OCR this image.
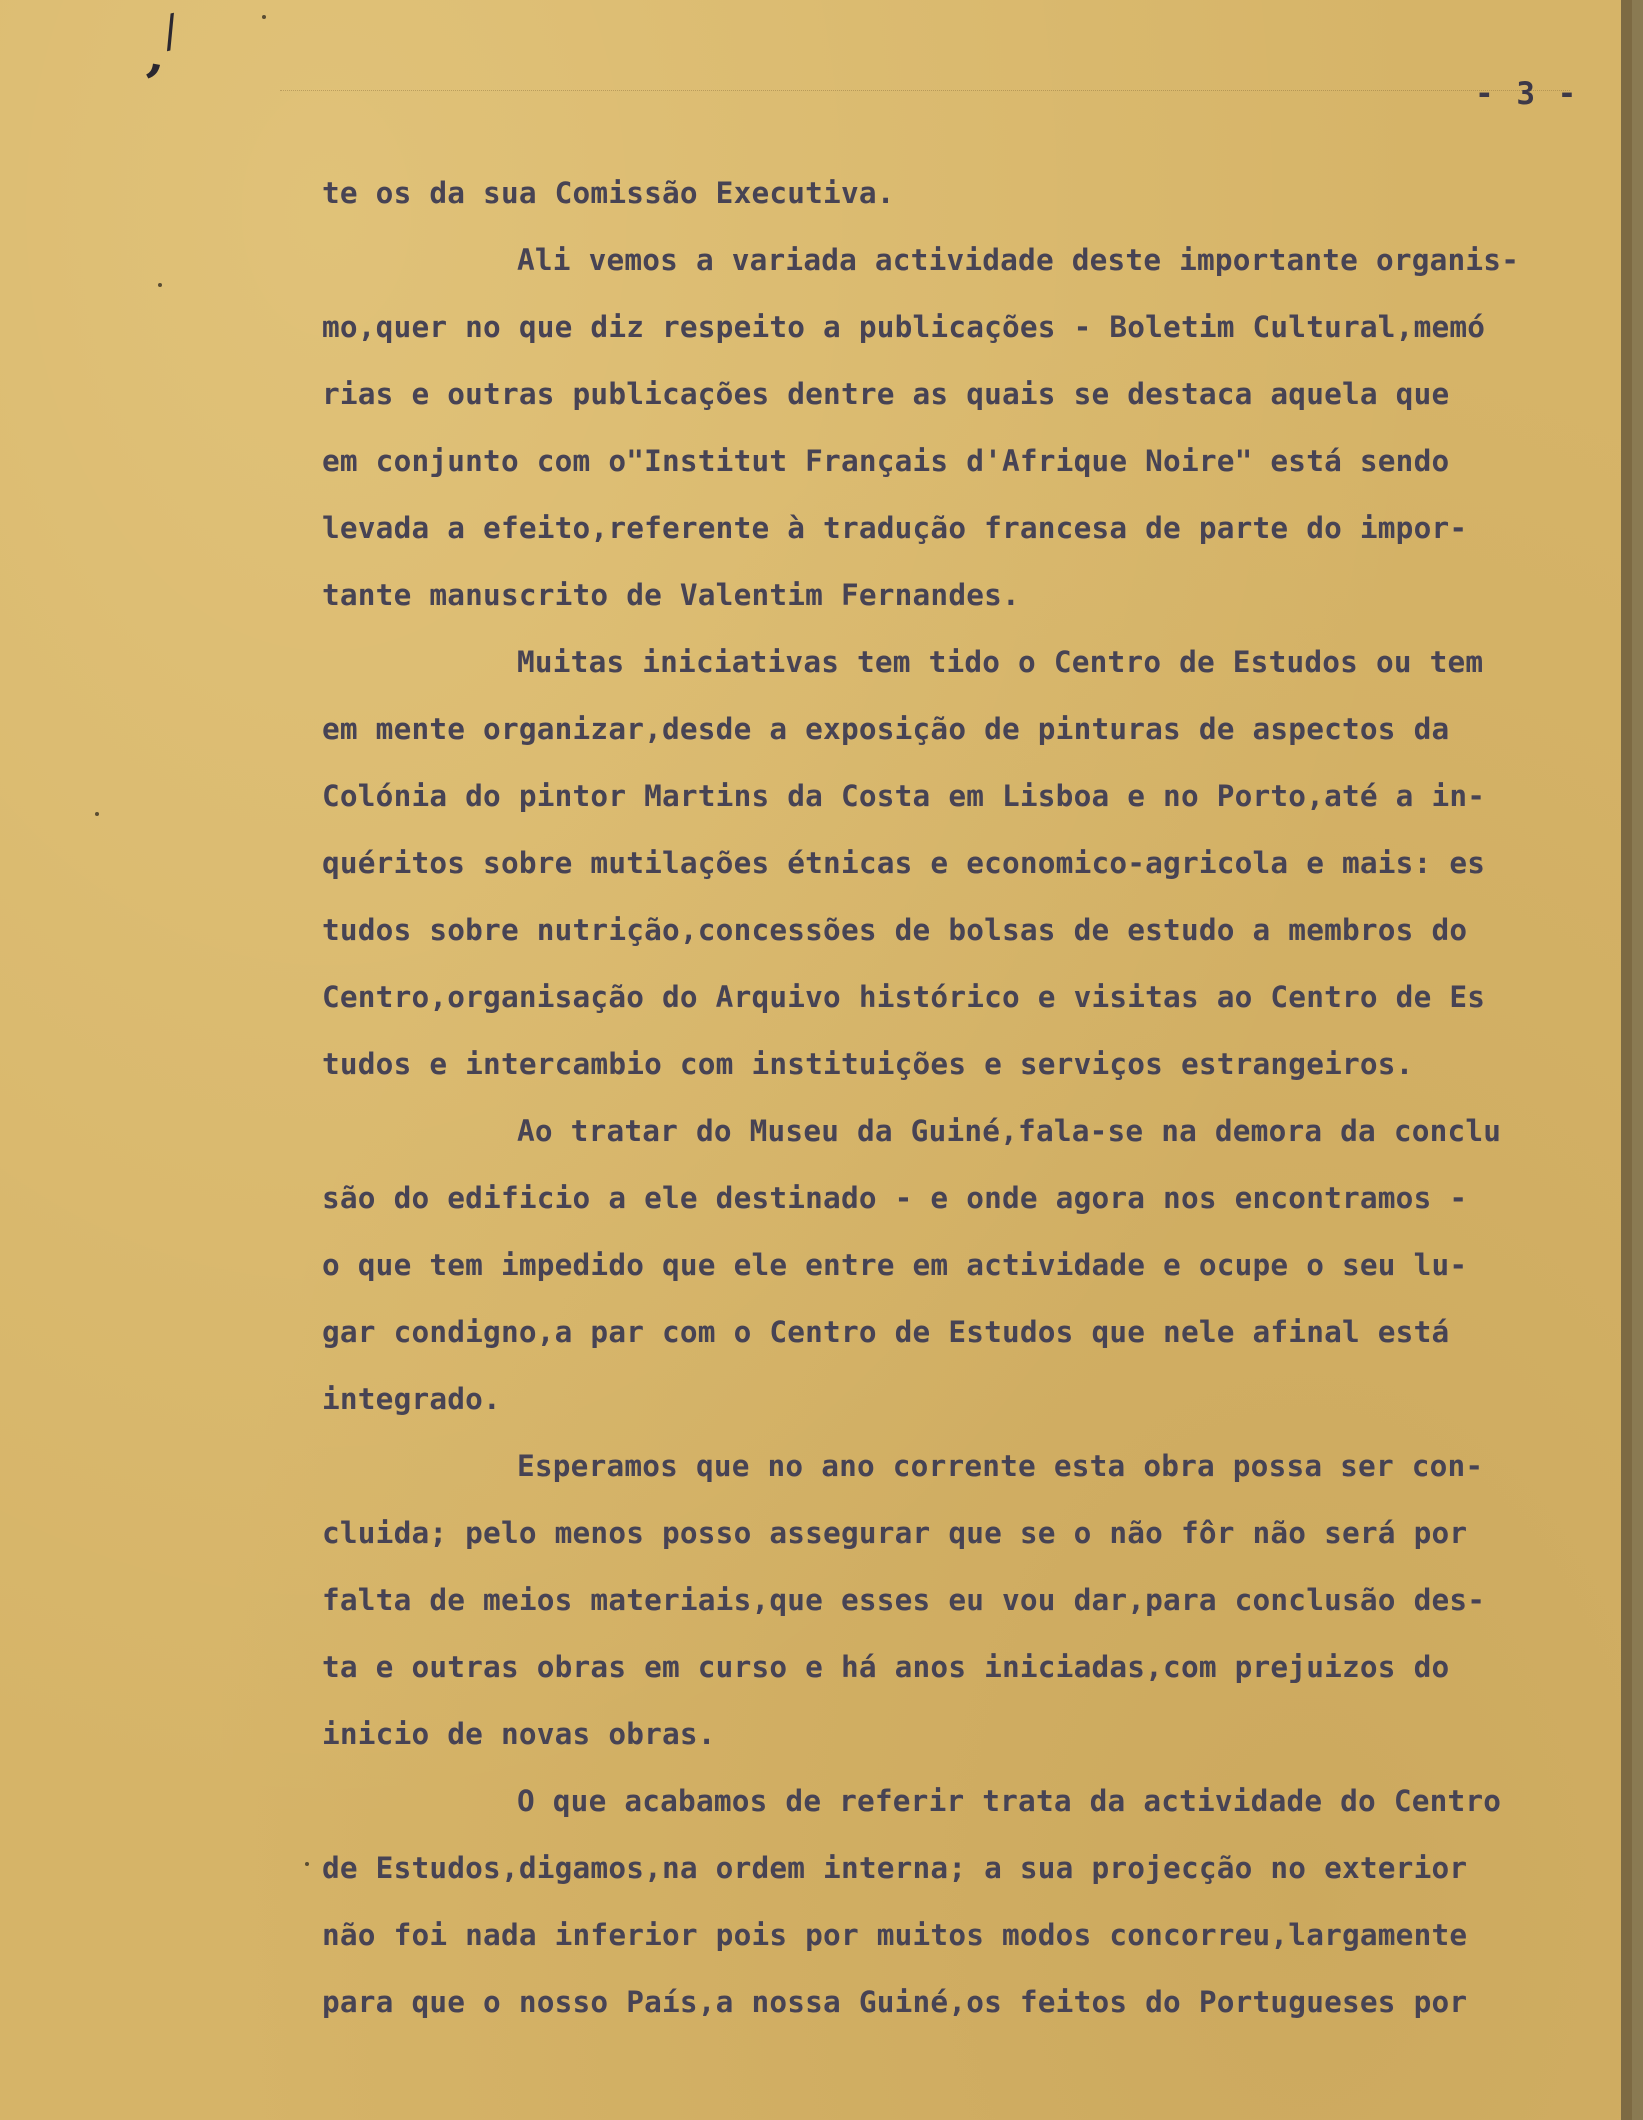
/
’	- 3 -
te os da sua Comissão Executiva.
Ali vemos a variada actividade deste importante organis-
mo,quer no que diz respeito a publicações - Boletim Cultural,memó
rias e outras publicações dentre as quais se destaca aquela que
em conjunto com o"Institut Français d'Afrique Noire" está sendo
levada a efeito,referente à tradução francesa de parte do impor-
tante manuscrito de Valentim Fernandes.
Muitas iniciativas tem tido o Centro de Estudos ou tem
em mente organizar,desde a exposição de pinturas de aspectos da
Colónia do pintor Martins da Costa em Lisboa e no Porto,até a in-
quéritos sobre mutilações étnicas e economico-agricola e mais: es
tudos sobre nutrição,concessões de bolsas de estudo a membros do
Centro,organisação do Arquivo histórico e visitas ao Centro de Es
tudos e intercambio com instituições e serviços estrangeiros.
Ao tratar do Museu da Guiné,fala-se na demora da conclu
são do edificio a ele destinado - e onde agora nos encontramos -
o que tem impedido que ele entre em actividade e ocupe o seu lu-
gar condigno,a par com o Centro de Estudos que nele afinal está
integrado.
Esperamos que no ano corrente esta obra possa ser con-
cluida; pelo menos posso assegurar que se o não fôr não será por
falta de meios materiais,que esses eu vou dar,para conclusão des-
ta e outras obras em curso e há anos iniciadas,com prejuizos do
inicio de novas obras.
O que acabamos de referir trata da actividade do Centro
de Estudos,digamos,na ordem interna; a sua projecção no exterior
não foi nada inferior pois por muitos modos concorreu,largamente
para que o nosso País,a nossa Guiné,os feitos do Portugueses por
